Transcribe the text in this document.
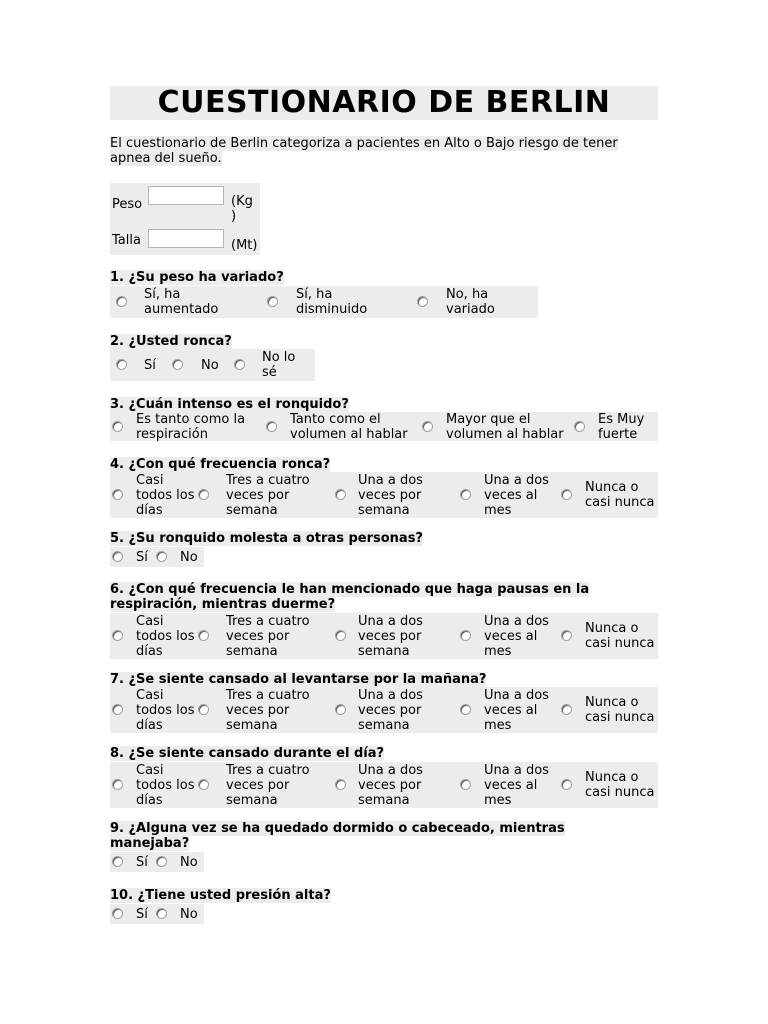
CUESTIONARIO DE BERLIN
El cuestionario de Berlin categoriza a pacientes en Alto o Bajo riesgo de tener
apnea del sueño.
Peso	(Kg
)
Talla	(Mt)
1. ¿Su peso ha variado?
Sí, ha
aumentado
Sí, ha
disminuido
No, ha
variado
2. ¿Usted ronca?
Sí	No
No lo
sé
3. ¿Cuán intenso es el ronquido?
Es tanto como la
respiración
Tanto como el
volumen al hablar
Mayor que el
volumen al hablar
Es Muy
fuerte
4. ¿Con qué frecuencia ronca?
Casi
todos los
días
Tres a cuatro
veces por
semana
Una a dos
veces por
semana
Una a dos
veces al
mes
Nunca o
casi nunca
5. ¿Su ronquido molesta a otras personas?
Sí No
6. ¿Con qué frecuencia le han mencionado que haga pausas en la
respiración, mientras duerme?
Casi
todos los
días
Tres a cuatro
veces por
semana
Una a dos
veces por
semana
Una a dos
veces al
mes
Nunca o
casi nunca
7. ¿Se siente cansado al levantarse por la mañana?
Casi
todos los
días
Tres a cuatro
veces por
semana
Una a dos
veces por
semana
Una a dos
veces al
mes
Nunca o
casi nunca
8. ¿Se siente cansado durante el día?
Casi
todos los
días
Tres a cuatro
veces por
semana
Una a dos
veces por
semana
Una a dos
veces al
mes
Nunca o
casi nunca
9. ¿Alguna vez se ha quedado dormido o cabeceado, mientras
manejaba?
Sí No
10. ¿Tiene usted presión alta?
Sí No
